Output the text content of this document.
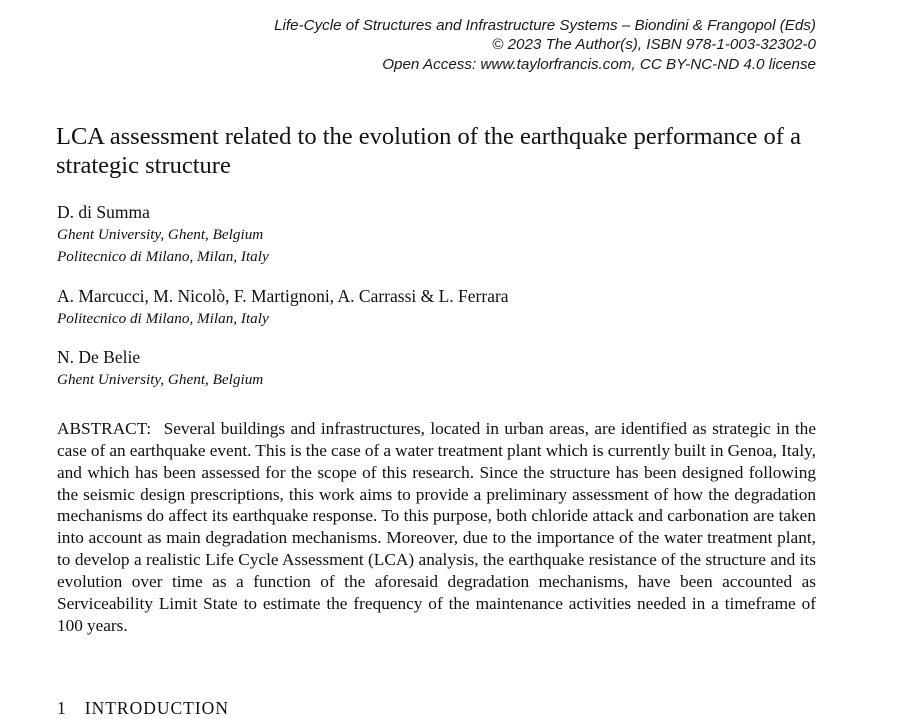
Life-Cycle of Structures and Infrastructure Systems – Biondini & Frangopol (Eds)
© 2023 The Author(s), ISBN 978-1-003-32302-0
Open Access: www.taylorfrancis.com, CC BY-NC-ND 4.0 license
LCA assessment related to the evolution of the earthquake performance of a strategic structure
D. di Summa
Ghent University, Ghent, Belgium
Politecnico di Milano, Milan, Italy
A. Marcucci, M. Nicolò, F. Martignoni, A. Carrassi & L. Ferrara
Politecnico di Milano, Milan, Italy
N. De Belie
Ghent University, Ghent, Belgium

ABSTRACT: Several buildings and infrastructures, located in urban areas, are identified as strategic in the case of an earthquake event. This is the case of a water treatment plant which is currently built in Genoa, Italy, and which has been assessed for the scope of this research. Since the structure has been designed following the seismic design prescriptions, this work aims to provide a preliminary assessment of how the degradation mechanisms do affect its earthquake response. To this purpose, both chloride attack and carbonation are taken into account as main degradation mechanisms. Moreover, due to the importance of the water treatment plant, to develop a realistic Life Cycle Assessment (LCA) analysis, the earthquake resistance of the structure and its evolution over time as a function of the aforesaid degradation mechanisms, have been accounted as Serviceability Limit State to estimate the frequency of the maintenance activities needed in a timeframe of 100 years.

1 INTRODUCTION
